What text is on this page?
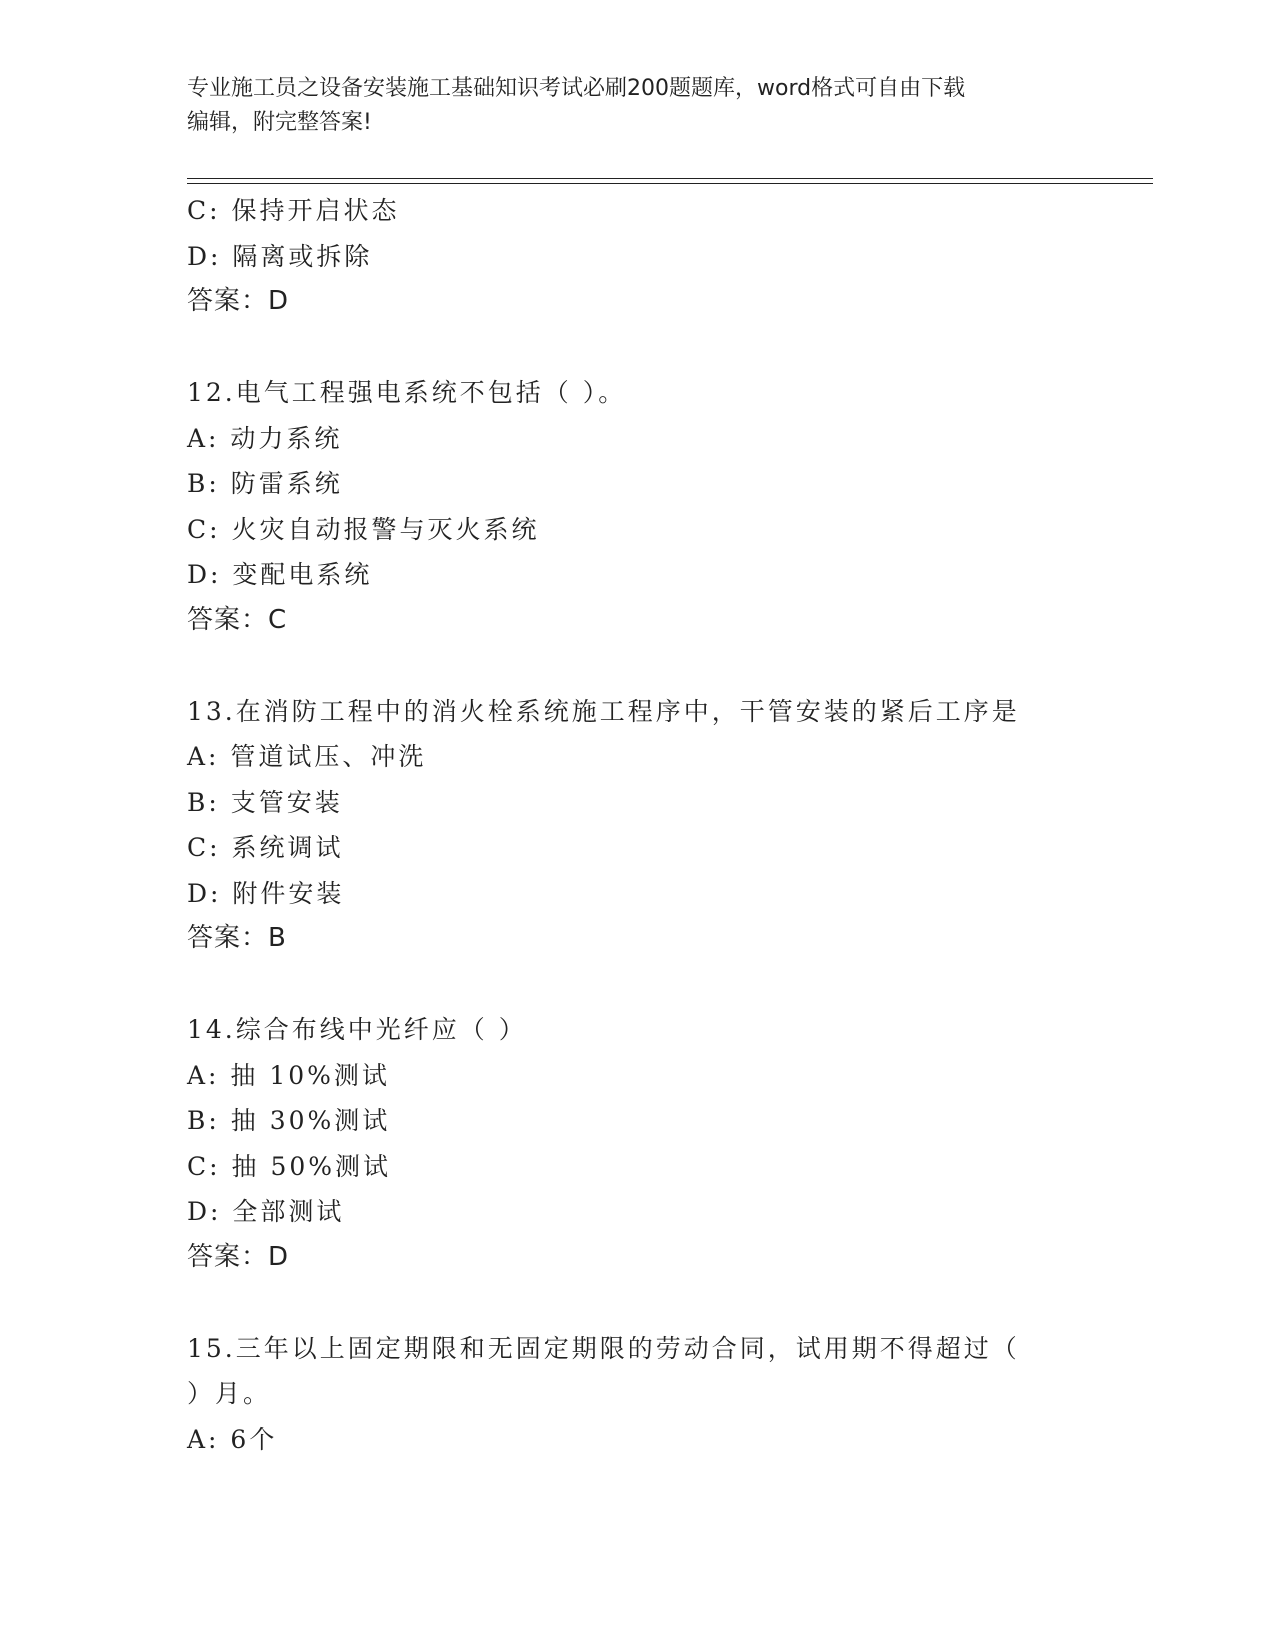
专业施工员之设备安装施工基础知识考试必刷200题题库，word格式可自由下载
编辑，附完整答案!
C: 保持开启状态
D: 隔离或拆除
答案：D
12.电气工程强电系统不包括（ ）。
A: 动力系统
B: 防雷系统
C: 火灾自动报警与灭火系统
D: 变配电系统
答案：C
13.在消防工程中的消火栓系统施工程序中，干管安装的紧后工序是
A: 管道试压、冲洗
B: 支管安装
C: 系统调试
D: 附件安装
答案：B
14.综合布线中光纤应（ ）
A: 抽 10%测试
B: 抽 30%测试
C: 抽 50%测试
D: 全部测试
答案：D
15.三年以上固定期限和无固定期限的劳动合同，试用期不得超过（
）月。
A: 6个
